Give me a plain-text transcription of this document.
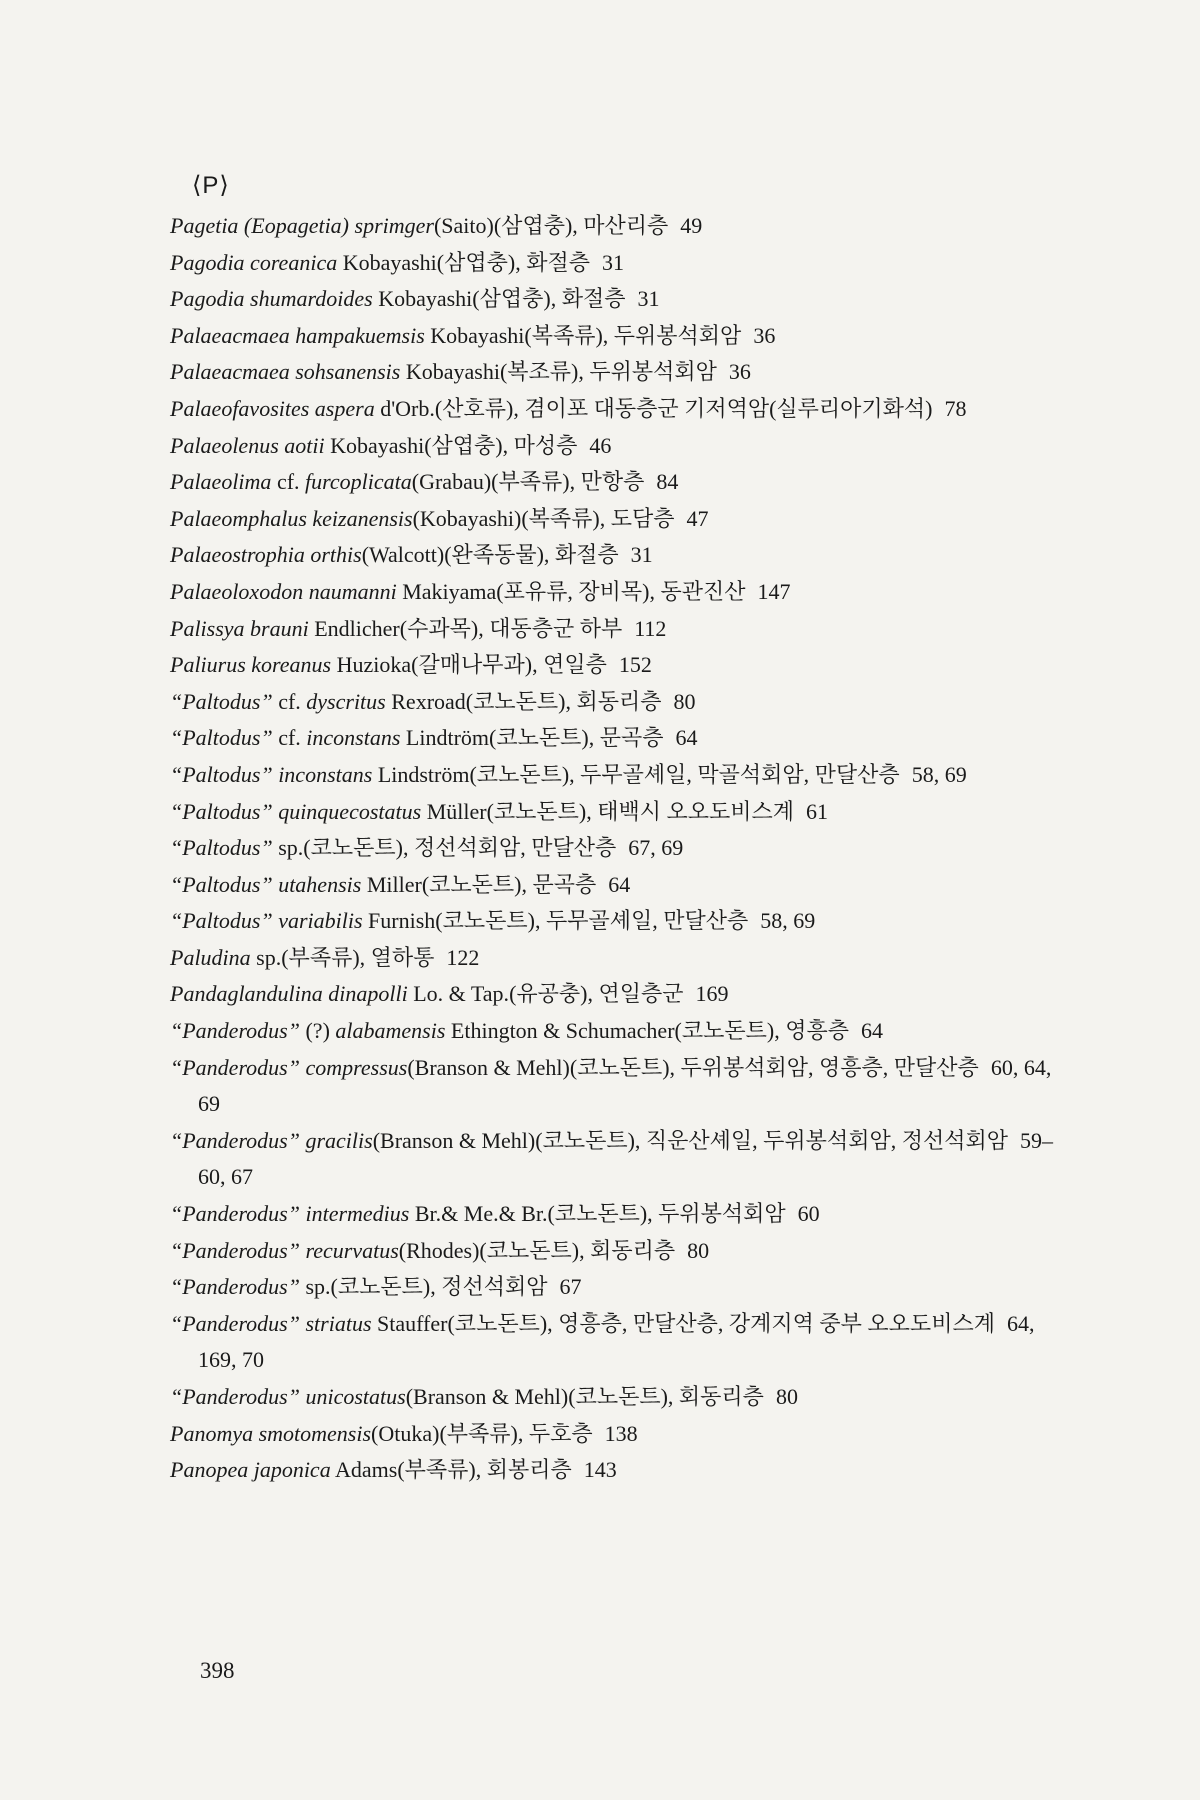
⟨P⟩

Pagetia (Eopagetia) sprimger(Saito)(삼엽충), 마산리층 49

Pagodia coreanica Kobayashi(삼엽충), 화절층 31

Pagodia shumardoides Kobayashi(삼엽충), 화절층 31

Palaeacmaea hampakuemsis Kobayashi(복족류), 두위봉석회암 36

Palaeacmaea sohsanensis Kobayashi(복조류), 두위봉석회암 36

Palaeofavosites aspera d'Orb.(산호류), 겸이포 대동층군 기저역암(실루리아기화석) 78

Palaeolenus aotii Kobayashi(삼엽충), 마성층 46

Palaeolima cf. furcoplicata(Grabau)(부족류), 만항층 84

Palaeomphalus keizanensis(Kobayashi)(복족류), 도담층 47

Palaeostrophia orthis(Walcott)(완족동물), 화절층 31

Palaeoloxodon naumanni Makiyama(포유류, 장비목), 동관진산 147

Palissya brauni Endlicher(수과목), 대동층군 하부 112

Paliurus koreanus Huzioka(갈매나무과), 연일층 152

“Paltodus” cf. dyscritus Rexroad(코노돈트), 회동리층 80

“Paltodus” cf. inconstans Lindtröm(코노돈트), 문곡층 64

“Paltodus” inconstans Lindström(코노돈트), 두무골셰일, 막골석회암, 만달산층 58, 69

“Paltodus” quinquecostatus Müller(코노돈트), 태백시 오오도비스계 61

“Paltodus” sp.(코노돈트), 정선석회암, 만달산층 67, 69

“Paltodus” utahensis Miller(코노돈트), 문곡층 64

“Paltodus” variabilis Furnish(코노돈트), 두무골셰일, 만달산층 58, 69

Paludina sp.(부족류), 열하통 122

Pandaglandulina dinapolli Lo. & Tap.(유공충), 연일층군 169

“Panderodus” (?) alabamensis Ethington & Schumacher(코노돈트), 영흥층 64

“Panderodus” compressus(Branson & Mehl)(코노돈트), 두위봉석회암, 영흥층, 만달산층 60, 64, 69

“Panderodus” gracilis(Branson & Mehl)(코노돈트), 직운산셰일, 두위봉석회암, 정선석회암 59–60, 67

“Panderodus” intermedius Br.& Me.& Br.(코노돈트), 두위봉석회암 60

“Panderodus” recurvatus(Rhodes)(코노돈트), 회동리층 80

“Panderodus” sp.(코노돈트), 정선석회암 67

“Panderodus” striatus Stauffer(코노돈트), 영흥층, 만달산층, 강계지역 중부 오오도비스계 64, 169, 70

“Panderodus” unicostatus(Branson & Mehl)(코노돈트), 회동리층 80

Panomya smotomensis(Otuka)(부족류), 두호층 138

Panopea japonica Adams(부족류), 회봉리층 143

398
